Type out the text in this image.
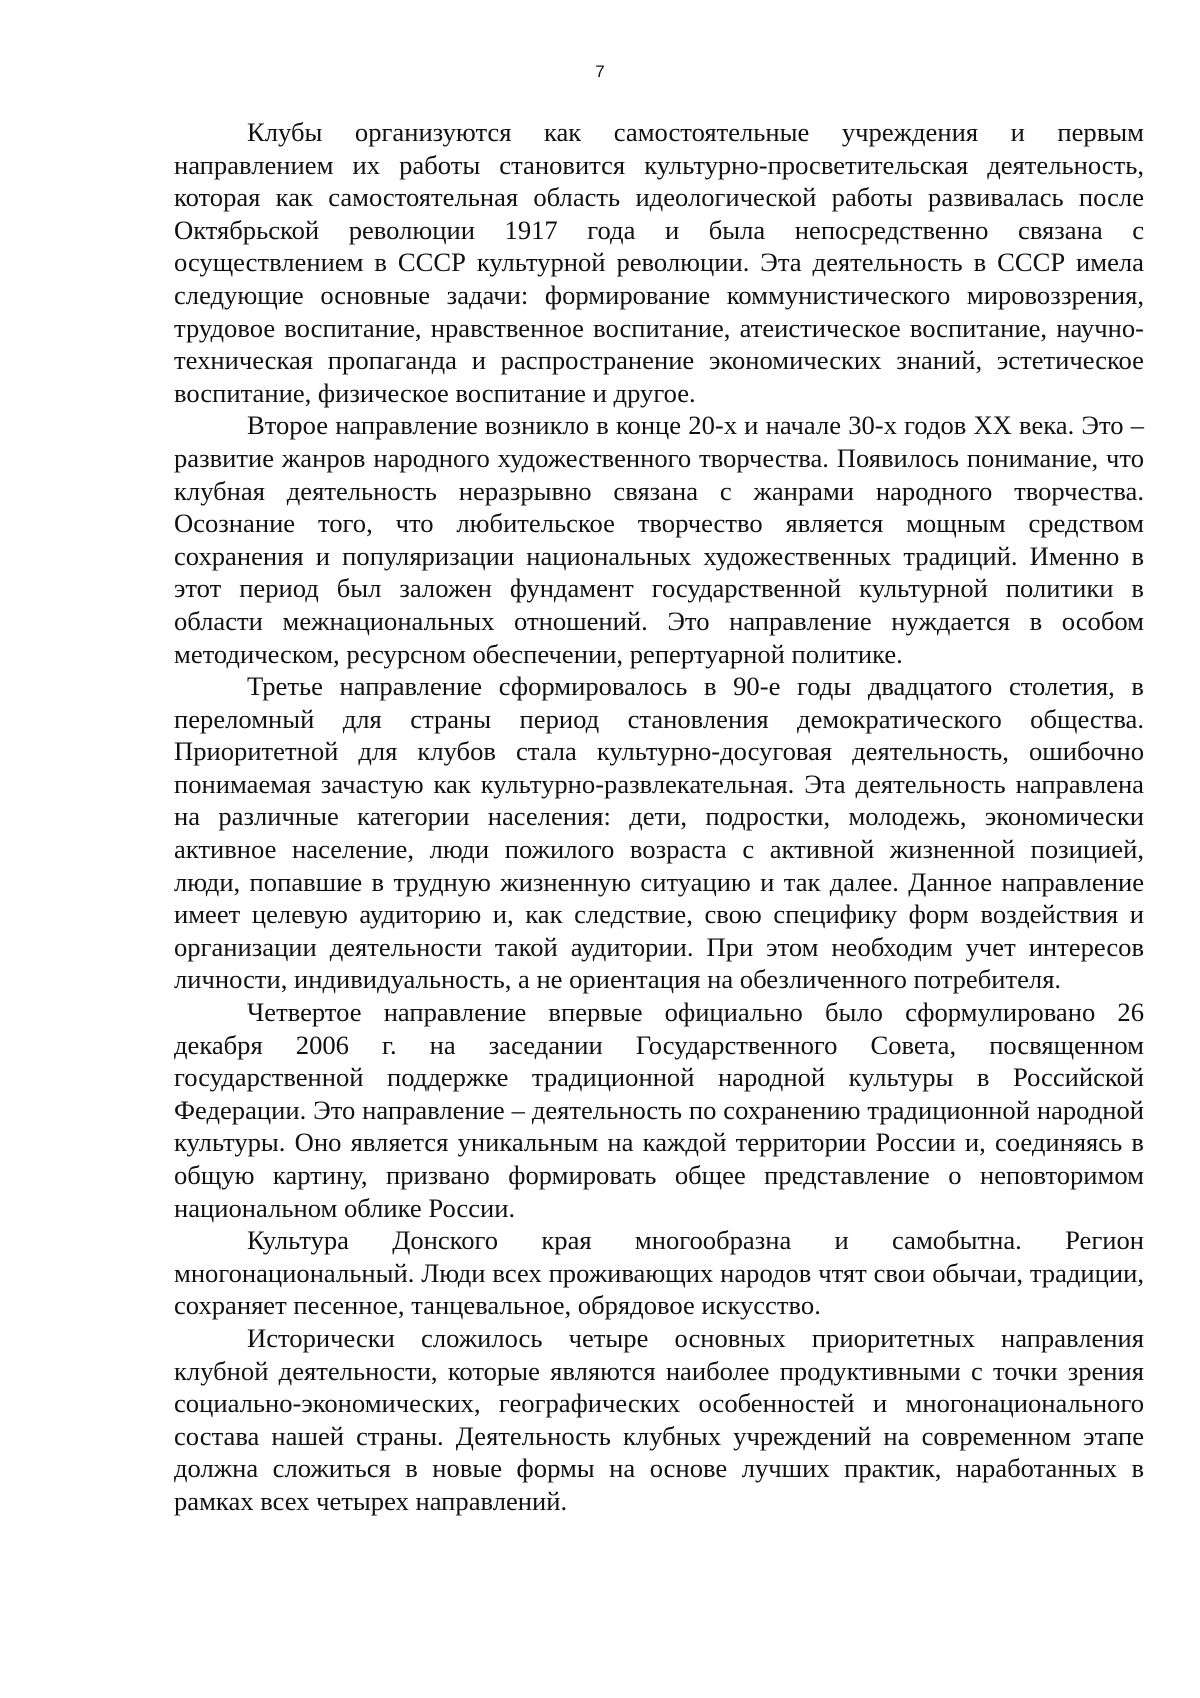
7

Клубы организуются как самостоятельные учреждения и первым направлением их работы становится культурно-просветительская деятельность, которая как самостоятельная область идеологической работы развивалась после Октябрьской революции 1917 года и была непосредственно связана с осуществлением в СССР культурной революции. Эта деятельность в СССР имела следующие основные задачи: формирование коммунистического мировоззрения, трудовое воспитание, нравственное воспитание, атеистическое воспитание, научно-техническая пропаганда и распространение экономических знаний, эстетическое воспитание, физическое воспитание и другое.

Второе направление возникло в конце 20-х и начале 30-х годов XX века. Это – развитие жанров народного художественного творчества. Появилось понимание, что клубная деятельность неразрывно связана с жанрами народного творчества. Осознание того, что любительское творчество является мощным средством сохранения и популяризации национальных художественных традиций. Именно в этот период был заложен фундамент государственной культурной политики в области межнациональных отношений. Это направление нуждается в особом методическом, ресурсном обеспечении, репертуарной политике.

Третье направление сформировалось в 90-е годы двадцатого столетия, в переломный для страны период становления демократического общества. Приоритетной для клубов стала культурно-досуговая деятельность, ошибочно понимаемая зачастую как культурно-развлекательная. Эта деятельность направлена на различные категории населения: дети, подростки, молодежь, экономически активное население, люди пожилого возраста с активной жизненной позицией, люди, попавшие в трудную жизненную ситуацию и так далее. Данное направление имеет целевую аудиторию и, как следствие, свою специфику форм воздействия и организации деятельности такой аудитории. При этом необходим учет интересов личности, индивидуальность, а не ориентация на обезличенного потребителя.

Четвертое направление впервые официально было сформулировано 26 декабря 2006 г. на заседании Государственного Совета, посвященном государственной поддержке традиционной народной культуры в Российской Федерации. Это направление – деятельность по сохранению традиционной народной культуры. Оно является уникальным на каждой территории России и, соединяясь в общую картину, призвано формировать общее представление о неповторимом национальном облике России.

Культура Донского края многообразна и самобытна. Регион многонациональный. Люди всех проживающих народов чтят свои обычаи, традиции, сохраняет песенное, танцевальное, обрядовое искусство.

Исторически сложилось четыре основных приоритетных направления клубной деятельности, которые являются наиболее продуктивными с точки зрения социально-экономических, географических особенностей и многонационального состава нашей страны. Деятельность клубных учреждений на современном этапе должна сложиться в новые формы на основе лучших практик, наработанных в рамках всех четырех направлений.
